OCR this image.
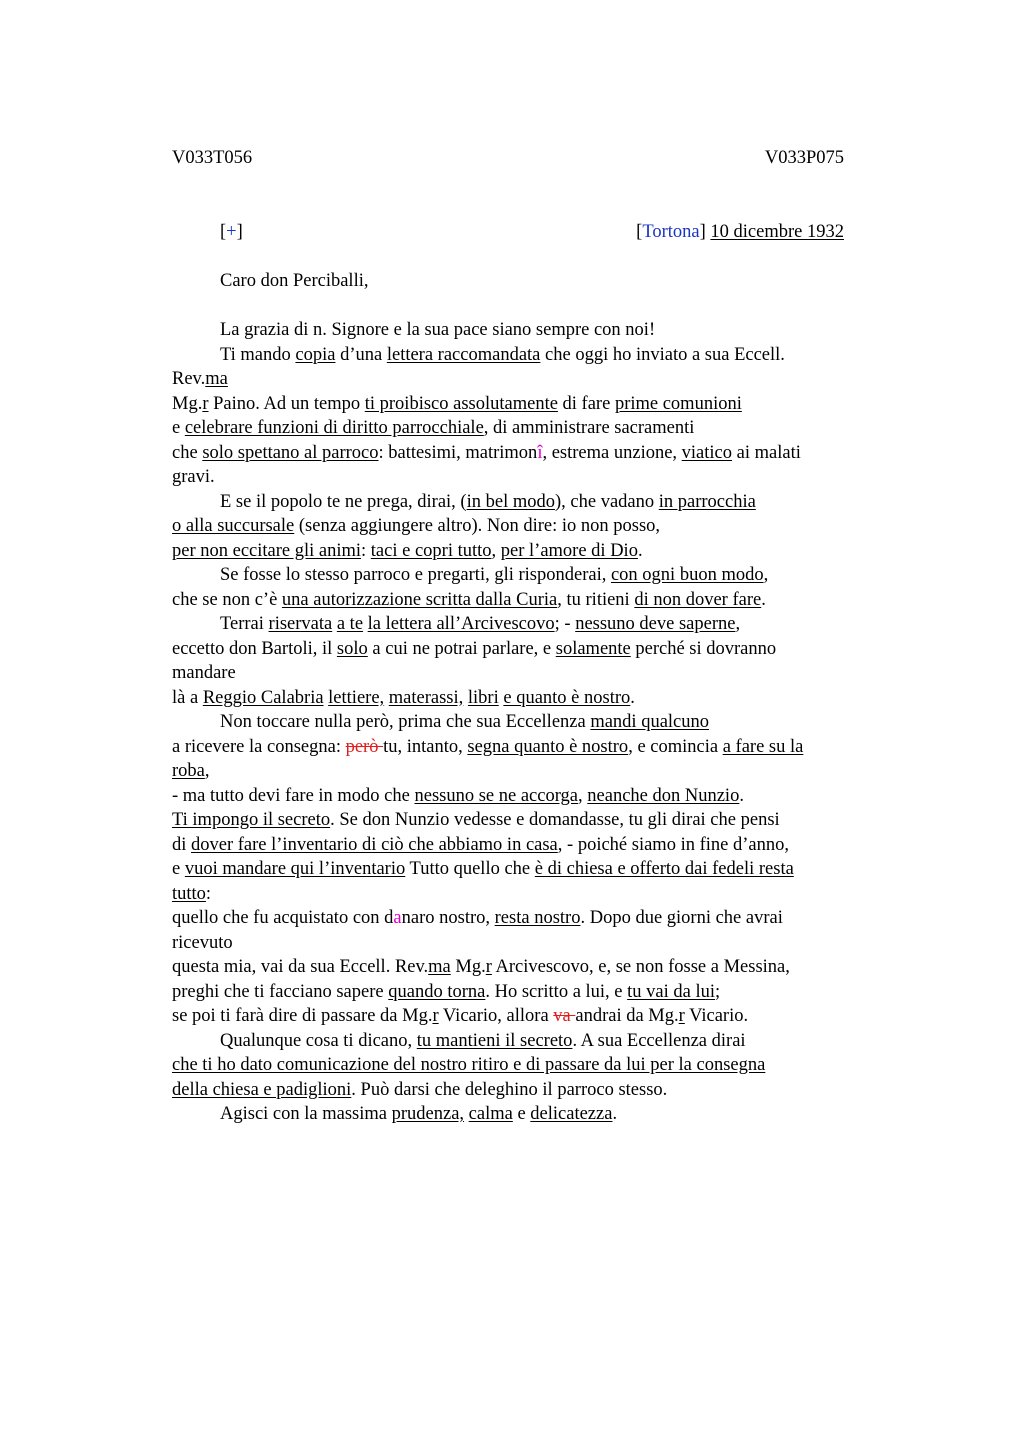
V033T056	V033P075
[+]	[Tortona] 10 dicembre 1932
Caro don Perciballi,
La grazia di n. Signore e la sua pace siano sempre con noi!
Ti mando copia d’una lettera raccomandata che oggi ho inviato a sua Eccell.
Rev.ma
Mg.r Paino. Ad un tempo ti proibisco assolutamente di fare prime comunioni
e celebrare funzioni di diritto parrocchiale, di amministrare sacramenti
che solo spettano al parroco: battesimi, matrimonî, estrema unzione, viatico ai malati
gravi.
E se il popolo te ne prega, dirai, (in bel modo), che vadano in parrocchia
o alla succursale (senza aggiungere altro). Non dire: io non posso,
per non eccitare gli animi: taci e copri tutto, per l’amore di Dio.
Se fosse lo stesso parroco e pregarti, gli risponderai, con ogni buon modo,
che se non c’è una autorizzazione scritta dalla Curia, tu ritieni di non dover fare.
Terrai riservata a te la lettera all’Arcivescovo; - nessuno deve saperne,
eccetto don Bartoli, il solo a cui ne potrai parlare, e solamente perché si dovranno
mandare
là a Reggio Calabria lettiere, materassi, libri e quanto è nostro.
Non toccare nulla però, prima che sua Eccellenza mandi qualcuno
a ricevere la consegna: però tu, intanto, segna quanto è nostro, e comincia a fare su la
roba,
- ma tutto devi fare in modo che nessuno se ne accorga, neanche don Nunzio.
Ti impongo il secreto. Se don Nunzio vedesse e domandasse, tu gli dirai che pensi
di dover fare l’inventario di ciò che abbiamo in casa, - poiché siamo in fine d’anno,
e vuoi mandare qui l’inventario Tutto quello che è di chiesa e offerto dai fedeli resta
tutto:
quello che fu acquistato con danaro nostro, resta nostro. Dopo due giorni che avrai
ricevuto
questa mia, vai da sua Eccell. Rev.ma Mg.r Arcivescovo, e, se non fosse a Messina,
preghi che ti facciano sapere quando torna. Ho scritto a lui, e tu vai da lui;
se poi ti farà dire di passare da Mg.r Vicario, allora va andrai da Mg.r Vicario.
Qualunque cosa ti dicano, tu mantieni il secreto. A sua Eccellenza dirai
che ti ho dato comunicazione del nostro ritiro e di passare da lui per la consegna
della chiesa e padiglioni. Può darsi che deleghino il parroco stesso.
Agisci con la massima prudenza, calma e delicatezza.
